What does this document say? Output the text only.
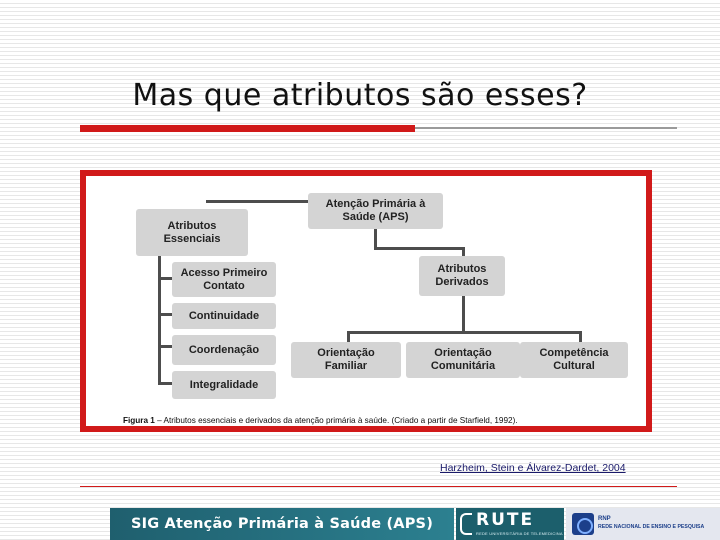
Mas que atributos são esses?
Atenção Primária à
Saúde (APS)
Atributos
Essenciais
Acesso Primeiro
Contato
Continuidade
Coordenação
Integralidade
Atributos
Derivados
Orientação
Familiar
Orientação
Comunitária
Competência
Cultural
Figura 1 – Atributos essenciais e derivados da atenção primária à saúde. (Criado a partir de Starfield, 1992).
Harzheim, Stein e Álvarez-Dardet, 2004
SIG Atenção Primária à Saúde (APS)	RUTE
REDE UNIVERSITÁRIA DE TELEMEDICINA
RNP
REDE NACIONAL DE ENSINO E PESQUISA
